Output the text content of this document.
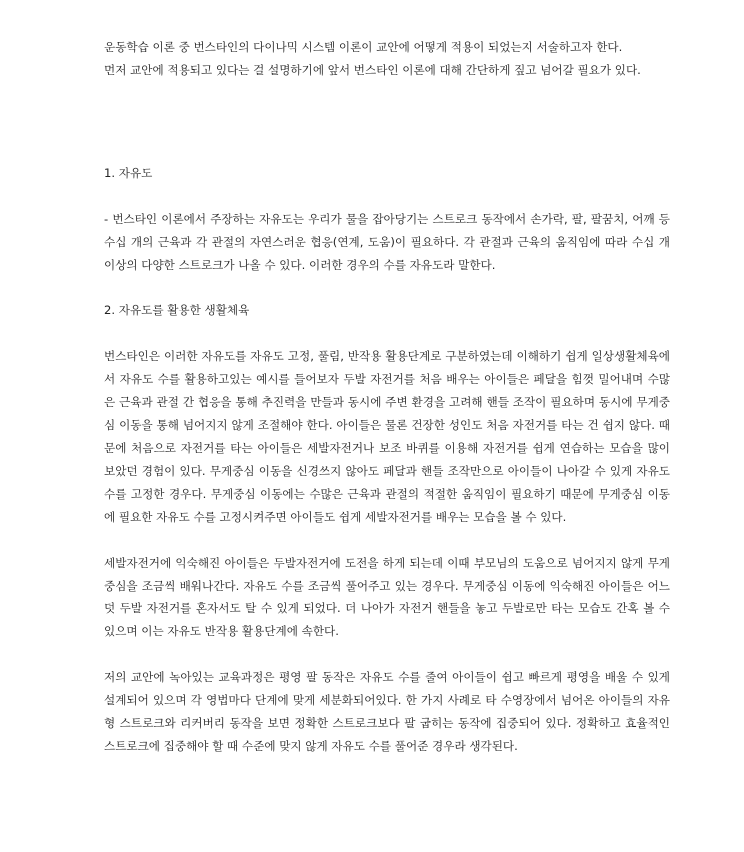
운동학습 이론 중 번스타인의 다이나믹 시스템 이론이 교안에 어떻게 적용이 되었는지 서술하고자 한다.

먼저 교안에 적용되고 있다는 걸 설명하기에 앞서 번스타인 이론에 대해 간단하게 짚고 넘어갈 필요가 있다.

1. 자유도

- 번스타인 이론에서 주장하는 자유도는 우리가 물을 잡아당기는 스트로크 동작에서 손가락, 팔, 팔꿈치, 어깨 등 수십 개의 근육과 각 관절의 자연스러운 협응(연계, 도움)이 필요하다. 각 관절과 근육의 움직임에 따라 수십 개 이상의 다양한 스트로크가 나올 수 있다. 이러한 경우의 수를 자유도라 말한다.

2. 자유도를 활용한 생활체육

번스타인은 이러한 자유도를 자유도 고정, 풀림, 반작용 활용단계로 구분하였는데 이해하기 쉽게 일상생활체육에서 자유도 수를 활용하고있는 예시를 들어보자 두발 자전거를 처음 배우는 아이들은 페달을 힘껏 밀어내며 수많은 근육과 관절 간 협응을 통해 추진력을 만들과 동시에 주변 환경을 고려해 핸들 조작이 필요하며 동시에 무게중심 이동을 통해 넘어지지 않게 조절해야 한다. 아이들은 물론 건장한 성인도 처음 자전거를 타는 건 쉽지 않다. 때문에 처음으로 자전거를 타는 아이들은 세발자전거나 보조 바퀴를 이용해 자전거를 쉽게 연습하는 모습을 많이 보았던 경험이 있다. 무게중심 이동을 신경쓰지 않아도 페달과 핸들 조작만으로 아이들이 나아갈 수 있게 자유도수를 고정한 경우다. 무게중심 이동에는 수많은 근육과 관절의 적절한 움직임이 필요하기 때문에 무게중심 이동에 필요한 자유도 수를 고정시켜주면 아이들도 쉽게 세발자전거를 배우는 모습을 볼 수 있다.

세발자전거에 익숙해진 아이들은 두발자전거에 도전을 하게 되는데 이때 부모님의 도움으로 넘어지지 않게 무게중심을 조금씩 배워나간다. 자유도 수를 조금씩 풀어주고 있는 경우다. 무게중심 이동에 익숙해진 아이들은 어느덧 두발 자전거를 혼자서도 탈 수 있게 되었다. 더 나아가 자전거 핸들을 놓고 두발로만 타는 모습도 간혹 볼 수 있으며 이는 자유도 반작용 활용단계에 속한다.

저의 교안에 녹아있는 교육과정은 평영 팔 동작은 자유도 수를 줄여 아이들이 쉽고 빠르게 평영을 배울 수 있게 설계되어 있으며 각 영법마다 단계에 맞게 세분화되어있다. 한 가지 사례로 타 수영장에서 넘어온 아이들의 자유형 스트로크와 리커버리 동작을 보면 정확한 스트로크보다 팔 굽히는 동작에 집중되어 있다. 정확하고 효율적인 스트로크에 집중해야 할 때 수준에 맞지 않게 자유도 수를 풀어준 경우라 생각된다.
